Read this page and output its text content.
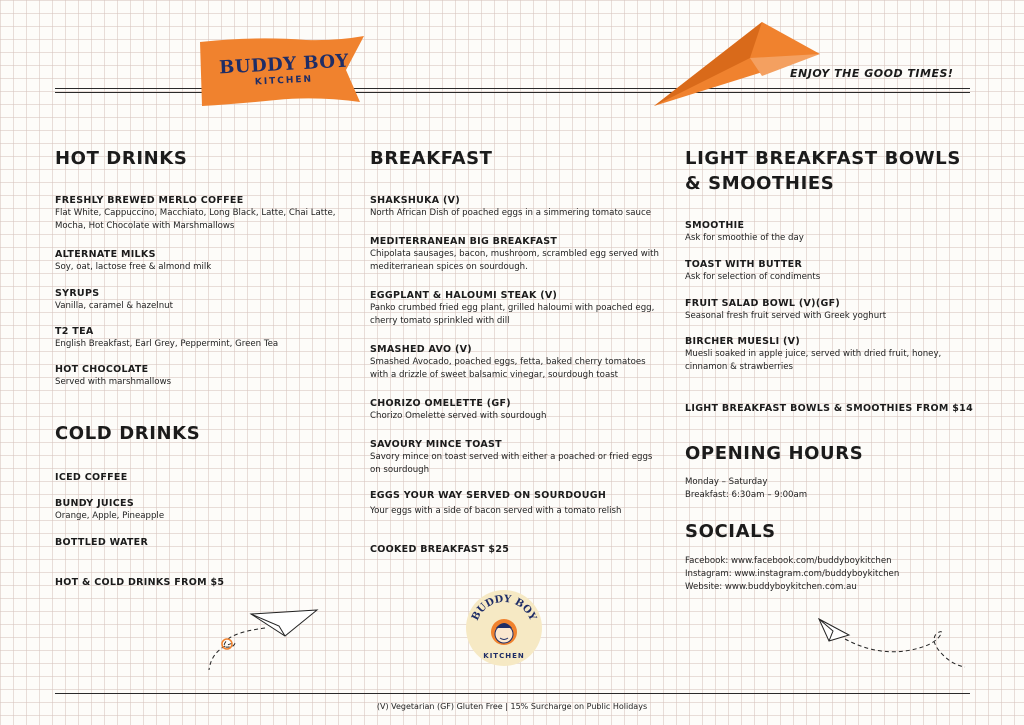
BUDDY BOY
KITCHEN
ENJOY THE GOOD TIMES!
HOT DRINKS
FRESHLY BREWED MERLO COFFEE
Flat White, Cappuccino, Macchiato, Long Black, Latte, Chai Latte,
Mocha, Hot Chocolate with Marshmallows
ALTERNATE MILKS
Soy, oat, lactose free & almond milk
SYRUPS
Vanilla, caramel & hazelnut
T2 TEA
English Breakfast, Earl Grey, Peppermint, Green Tea
HOT CHOCOLATE
Served with marshmallows
COLD DRINKS
ICED COFFEE
BUNDY JUICES
Orange, Apple, Pineapple
BOTTLED WATER
HOT & COLD DRINKS FROM $5
BREAKFAST
SHAKSHUKA (V)
North African Dish of poached eggs in a simmering tomato sauce
MEDITERRANEAN BIG BREAKFAST
Chipolata sausages, bacon, mushroom, scrambled egg served with
mediterranean spices on sourdough.
EGGPLANT & HALOUMI STEAK (V)
Panko crumbed fried egg plant, grilled haloumi with poached egg,
cherry tomato sprinkled with dill
SMASHED AVO (V)
Smashed Avocado, poached eggs, fetta, baked cherry tomatoes
with a drizzle of sweet balsamic vinegar, sourdough toast
CHORIZO OMELETTE (GF)
Chorizo Omelette served with sourdough
SAVOURY MINCE TOAST
Savory mince on toast served with either a poached or fried eggs
on sourdough
EGGS YOUR WAY SERVED ON SOURDOUGH
Your eggs with a side of bacon served with a tomato relish
COOKED BREAKFAST $25
BUDDY BOY
KITCHEN
LIGHT BREAKFAST BOWLS
& SMOOTHIES
SMOOTHIE
Ask for smoothie of the day
TOAST WITH BUTTER
Ask for selection of condiments
FRUIT SALAD BOWL (V)(GF)
Seasonal fresh fruit served with Greek yoghurt
BIRCHER MUESLI (V)
Muesli soaked in apple juice, served with dried fruit, honey,
cinnamon & strawberries
LIGHT BREAKFAST BOWLS & SMOOTHIES FROM $14
OPENING HOURS
Monday – Saturday
Breakfast: 6:30am – 9:00am
SOCIALS
Facebook: www.facebook.com/buddyboykitchen
Instagram: www.instagram.com/buddyboykitchen
Website: www.buddyboykitchen.com.au
(V) Vegetarian (GF) Gluten Free | 15% Surcharge on Public Holidays
